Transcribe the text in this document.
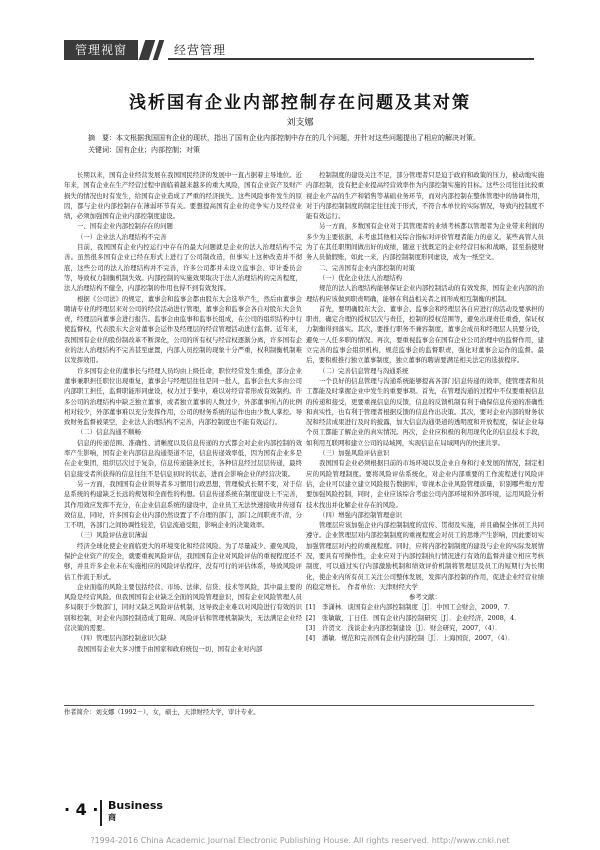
管理视窗	经营管理
浅析国有企业内部控制存在问题及其对策
刘支娜
摘　要：本文根据我国国有企业的现状，指出了国有企业内部控制中存在的几个问题，并针对这些问题提出了相应的解决对策。
关键词：国有企业；内部控制；对策

长期以来，国有企业经营发展在我国国民经济的发展中一直占据着主导地位。近年来，国有企业在生产经营过程中面临着越来越多的重大风险，国有企业资产及财产损失的情况也时有发生，给国有企业造成了严重的经济损失。这些风险事件发生的原因，都与企业内部控制存在薄弱环节有关。要想提高国有企业的竞争实力及经营业绩，必须加强国有企业内部控制度建设。

一、国有企业内部控制存在的问题
（一）企业法人治理结构不完善

目前，我国国有企业内控运行中存在的最大问题就是企业的法人治理结构不完善。虽然很多国有企业已经在形式上进行了公司制改造，但事实上这种改造并不彻底，这些公司的法人治理结构并不完善，许多公司都并未设立监事会、审计委员会等，导致权力制衡机制失效。内部控制的实施效果取决于法人治理结构的完善程度，法人治理结构不健全，内部控制的作用也得不到有效发挥。

根据《公司法》的规定，董事会和监事会都由股东大会选举产生，然后由董事会聘请专业的经理层来对公司的经营活动进行管理，董事会和监事会各自对股东大会负责，经理层向董事会进行报告。监事会由监事和监事长组成，在公司的组织结构中行使监督权，代表股东大会对董事会运作及经理层的经营管理活动进行监督。近年来，我国国有企业的股份制改革不断深化，公司的所有权与经营权逐渐分离，许多国有企业的法人治理结构不完善甚至虚置，内部人员控制的现象十分严重，权利制衡机制难以发挥效用。

许多国有企业的董事长与经理人员均由上级任命，职位经常发生重叠，部分企业董事兼职担任职位出现重复，董事会与经理层往往是同一批人，监事会也大多由公司内部职工担任，监督职能形同虚设，权力过于集中，难以对经营者形成有效制约。许多公司的治理结构中缺乏独立董事，或者独立董事的人数过少，外部董事所占的比例相对较少，外部董事难以充分发挥作用，公司的财务系统的运作也由少数人掌控。导致财务监督被架空，企业法人治理结构不完善，内部控制度也不能有效运行。

（二）信息沟通不顺畅

信息的传递范围、准确性、清晰度以及信息传递的方式都会对企业内部控制的效率产生影响，国有企业内部信息沟通渠道不足，信息传递效率低，因为国有企业多是在企业集团，组织层次过于复杂，信息传递链条过长，各种信息经过层层传递，最终信息接受者所获得的信息往往不是信息初时的状态，进而会影响企业的经营决策。

另一方面，我国国有企业领导者多习惯用行政思想，管理模式长期不变，对于信息系统的构建缺乏长远的规划和全面性的构想。信息传递系统在制度建设上不完善，其作用效应发挥不充分，在企业信息系统的建设中，企业员工无法快速接收并传递有效信息，同时，许多国有企业内部仍然设置了不合理的部门，部门之间职责不清，分工不明，各部门之间协调性较差，信息流通受阻，影响企业的决策效率。

（三）风险评估意识薄弱

经济全球化使企业面临更大的环境变化和经营风险。为了尽量减少、避免风险，保护企业资产的安全，就要重视风险评估，我国国有企业对风险评估的重视程度还不够，并且许多企业未在实施相应的风险评估程序，没有可行的评估体系，导致风险评估工作流于形式。

企业面临的风险主要包括经营、市场、法律、信贷、技术等风险，其中最主要的风险是经营风险。但我国国有企业缺乏全面的风险管理意识，国有企业风险管理人员多局限于少数部门，同时又缺乏风险评估机制，这导致企业难以对风险进行有效的识别和控制，对企业内部控制造成了阻碍。风险评估和管理机制缺失，无法满足企业经营决策的需要。

（四）管理层内部控制意识欠缺

我国国有企业大多习惯于由国家和政府统包一切，国有企业对内部

控制制度的建设关注不足，部分管理者只是迫于政府和政策的压力，被动地实施内部控制，没有把企业提高经营效率作为内部控制实施的目标。这些公司往往比较重视企业产品的生产和销售等基础业务环节，而对内部控制在整体管理中的协调作用，对于内部控制制度的制定往往流于形式，不符合本单位的实际情况，导致内控制度不能有效运行。

另一方面，多数国有企业对于其管理者的业绩考核都以管理者为企业带来利润的多少为主要依据，未考虑其他相关综合指标对评价管理者能力的意义。某些高管人员为了在其任职期间做出好的成绩，随意干扰既定的企业经营目标和战略，甚至指使财务人员做假账，如此一来，内部控制制度形同虚设，成为一纸空文。

二、完善国有企业内部控制的对策
（一）优化企业法人治理结构

规范的法人治理结构能够保证企业内部控制活动的有效发挥，国有企业内部的治理结构应该做到职责明确，能够在利益相关者之间形成相互制衡的机制。

首先，要明确股东大会、董事会、监事会和经理层各自应进行的活动及要承担的职责，确定合理的授权层次与责任，控制的授权范围等，避免出现责任重叠，保证权力制衡得到落实。其次，要推行职务不兼容制度，董事会成员和经理层人员要分设，避免一人任多职的情况。再次，要重视监事会在国有企业公司治理中的监督作用，建立完善的监事会组织机构，规范监事会的监督职责，强化对董事会运作的监督。最后，要积极推行独立董事制度，独立董事的聘请要满足相关法定的选拔程序。

（二）完善信息管理与沟通系统

一个良好的信息管理与沟通系统能够提高各部门信息传递的效率，使管理者和员工都能及时掌握企业中发生的重要事项。首先，在管理沟通的过程中不仅要重视信息的传递和接受，更要重视信息的反馈，信息的反馈机制有利于确保信息传递的准确性和真实性，也有利于管理者根据反馈的信息作出决策。其次，要对企业内部的财务状况和经营成果进行及时的披露，加大信息沟通渠道的透明度和开放程度，保证企业每个员工都能了解企业的真实情况。再次，企业应积极的利用现代化的信息技术手段，如利用互联网和建立公司的局域网，实现信息在局域网内的快速共享。

（三）加强风险评估意识

我国国有企业必须根据目前的市场环境以及企业自身和行业发展的情况，制定相应的风险管理制度。要将风险评估系统化，对企业内部重要的工作流程进行风险评估，企业可以建立建立风险报告数据库，审视本企业风险管理质量，识别哪些地方需要加强风险控制，同时，企业应该综合考虑公司内部环境和外部环境，运用风险分析技术找出并化解企业存在的风险。

（四）增强内部控制管理意识

管理层应该加强企业内部控制制度的宣传、贯彻及实施，并且确保全体员工共同遵守。企业管理层对内部控制制度的重视程度会对员工的思维产生影响，因此要切实加强管理层对内控的重视程度。同时，应将内部控制制度的建设与企业的实际发展情况，要具有可操作性，企业应对于内部控制执行情况进行有效的监督并建立相应考核制度，可以通过实行内部激励机制和绩效评价机制将管理层及员工的短期行为长期化，使企业内所有员工关注公司整体发展，发挥内部控制的作用，促进企业经营业绩的稳定增长。　作者单位：天津财经大学

参考文献：
[1]	李潇林．谈国有企业内部控制制度［J］．中国工会财会，2009，7．
[2]	张敏敏，丁日佳．国有企业内部控制研究［J］．企业经济，2008，4．
[3]	许贺文．浅谈企业内部控制建设［J］．财会研究，2007，（4）．
[4]	潘敏．规范和完善国有企业内部控制［J］．上海国资，2007，（4）．
作者简介：刘支娜（1992－），女，硕士，天津财经大学，审计专业。
· 4 · Business
商
?1994-2016 China Academic Journal Electronic Publishing House. All rights reserved. http://www.cnki.net
